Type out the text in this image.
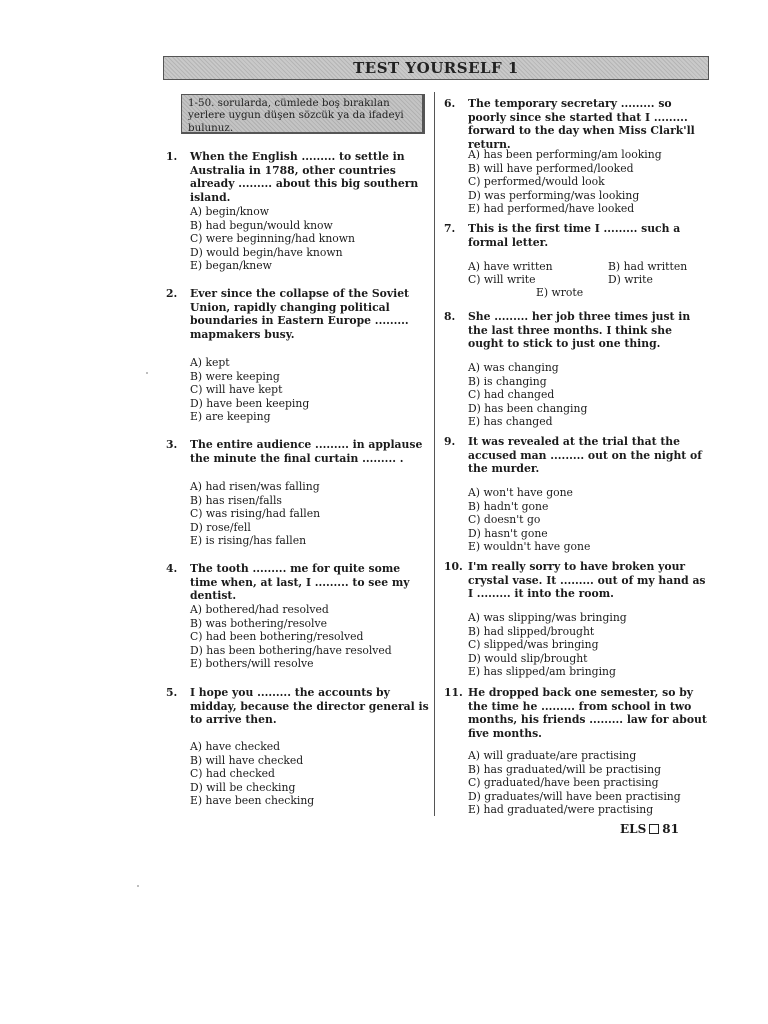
TEST YOURSELF 1
1-50. sorularda, cümlede boş bırakılan yerlere uygun düşen sözcük ya da ifadeyi bulunuz.
1. When the English ......... to settle in Australia in 1788, other countries already ......... about this big southern island.
A) begin/know
B) had begun/would know
C) were beginning/had known
D) would begin/have known
E) began/knew
2. Ever since the collapse of the Soviet Union, rapidly changing political boundaries in Eastern Europe ......... mapmakers busy.
A) kept
B) were keeping
C) will have kept
D) have been keeping
E) are keeping
3. The entire audience ......... in applause the minute the final curtain ......... .
A) had risen/was falling
B) has risen/falls
C) was rising/had fallen
D) rose/fell
E) is rising/has fallen
4. The tooth ......... me for quite some time when, at last, I ......... to see my dentist.
A) bothered/had resolved
B) was bothering/resolve
C) had been bothering/resolved
D) has been bothering/have resolved
E) bothers/will resolve
5. I hope you ......... the accounts by midday, because the director general is to arrive then.
A) have checked
B) will have checked
C) had checked
D) will be checking
E) have been checking
6. The temporary secretary ......... so poorly since she started that I ......... forward to the day when Miss Clark'll return.
A) has been performing/am looking
B) will have performed/looked
C) performed/would look
D) was performing/was looking
E) had performed/have looked
7. This is the first time I ......... such a formal letter.
A) have written	B) had written
C) will write	D) write
E) wrote
8. She ......... her job three times just in the last three months. I think she ought to stick to just one thing.
A) was changing
B) is changing
C) had changed
D) has been changing
E) has changed
9. It was revealed at the trial that the accused man ......... out on the night of the murder.
A) won't have gone
B) hadn't gone
C) doesn't go
D) hasn't gone
E) wouldn't have gone
10. I'm really sorry to have broken your crystal vase. It ......... out of my hand as I ......... it into the room.
A) was slipping/was bringing
B) had slipped/brought
C) slipped/was bringing
D) would slip/brought
E) has slipped/am bringing
11. He dropped back one semester, so by the time he ......... from school in two months, his friends ......... law for about five months.
A) will graduate/are practising
B) has graduated/will be practising
C) graduated/have been practising
D) graduates/will have been practising
E) had graduated/were practising
ELS 81
